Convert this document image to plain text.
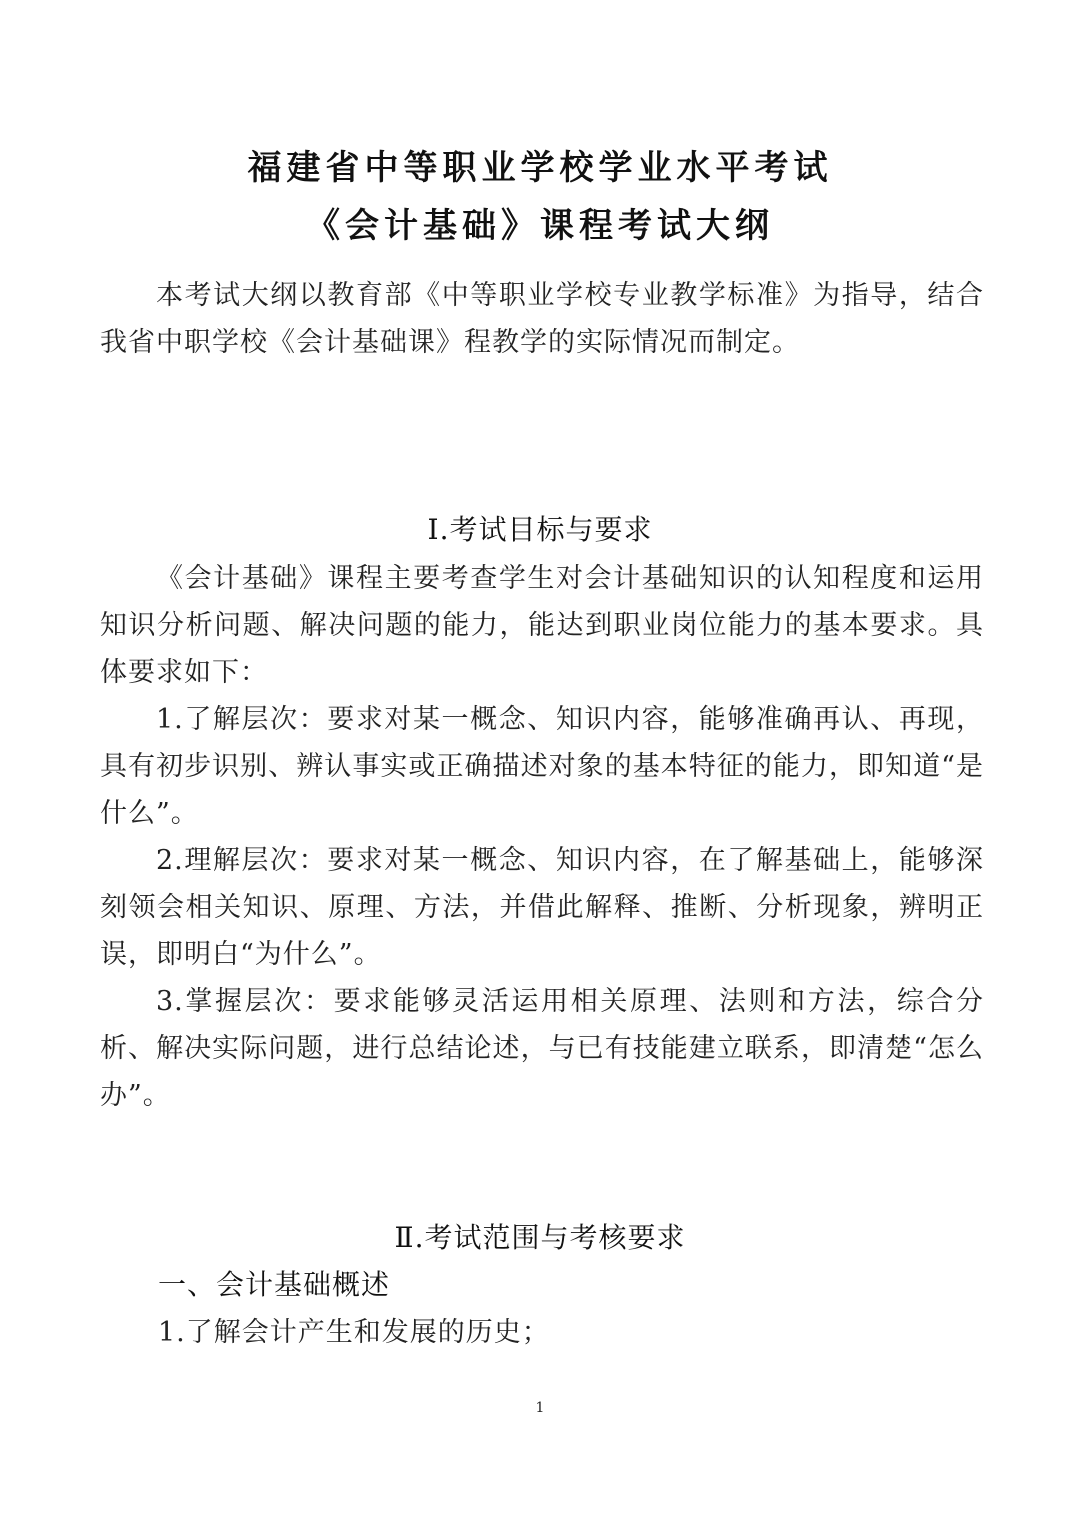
福建省中等职业学校学业水平考试
《会计基础》课程考试大纲
本考试大纲以教育部《中等职业学校专业教学标准》为指导，结合我省中职学校《会计基础课》程教学的实际情况而制定。
Ⅰ.考试目标与要求
《会计基础》课程主要考查学生对会计基础知识的认知程度和运用知识分析问题、解决问题的能力，能达到职业岗位能力的基本要求。具体要求如下：
1.了解层次：要求对某一概念、知识内容，能够准确再认、再现，具有初步识别、辨认事实或正确描述对象的基本特征的能力，即知道“是什么”。
2.理解层次：要求对某一概念、知识内容，在了解基础上，能够深刻领会相关知识、原理、方法，并借此解释、推断、分析现象，辨明正误，即明白“为什么”。
3.掌握层次：要求能够灵活运用相关原理、法则和方法，综合分析、解决实际问题，进行总结论述，与已有技能建立联系，即清楚“怎么办”。
Ⅱ.考试范围与考核要求
一、会计基础概述
1.了解会计产生和发展的历史；
1
